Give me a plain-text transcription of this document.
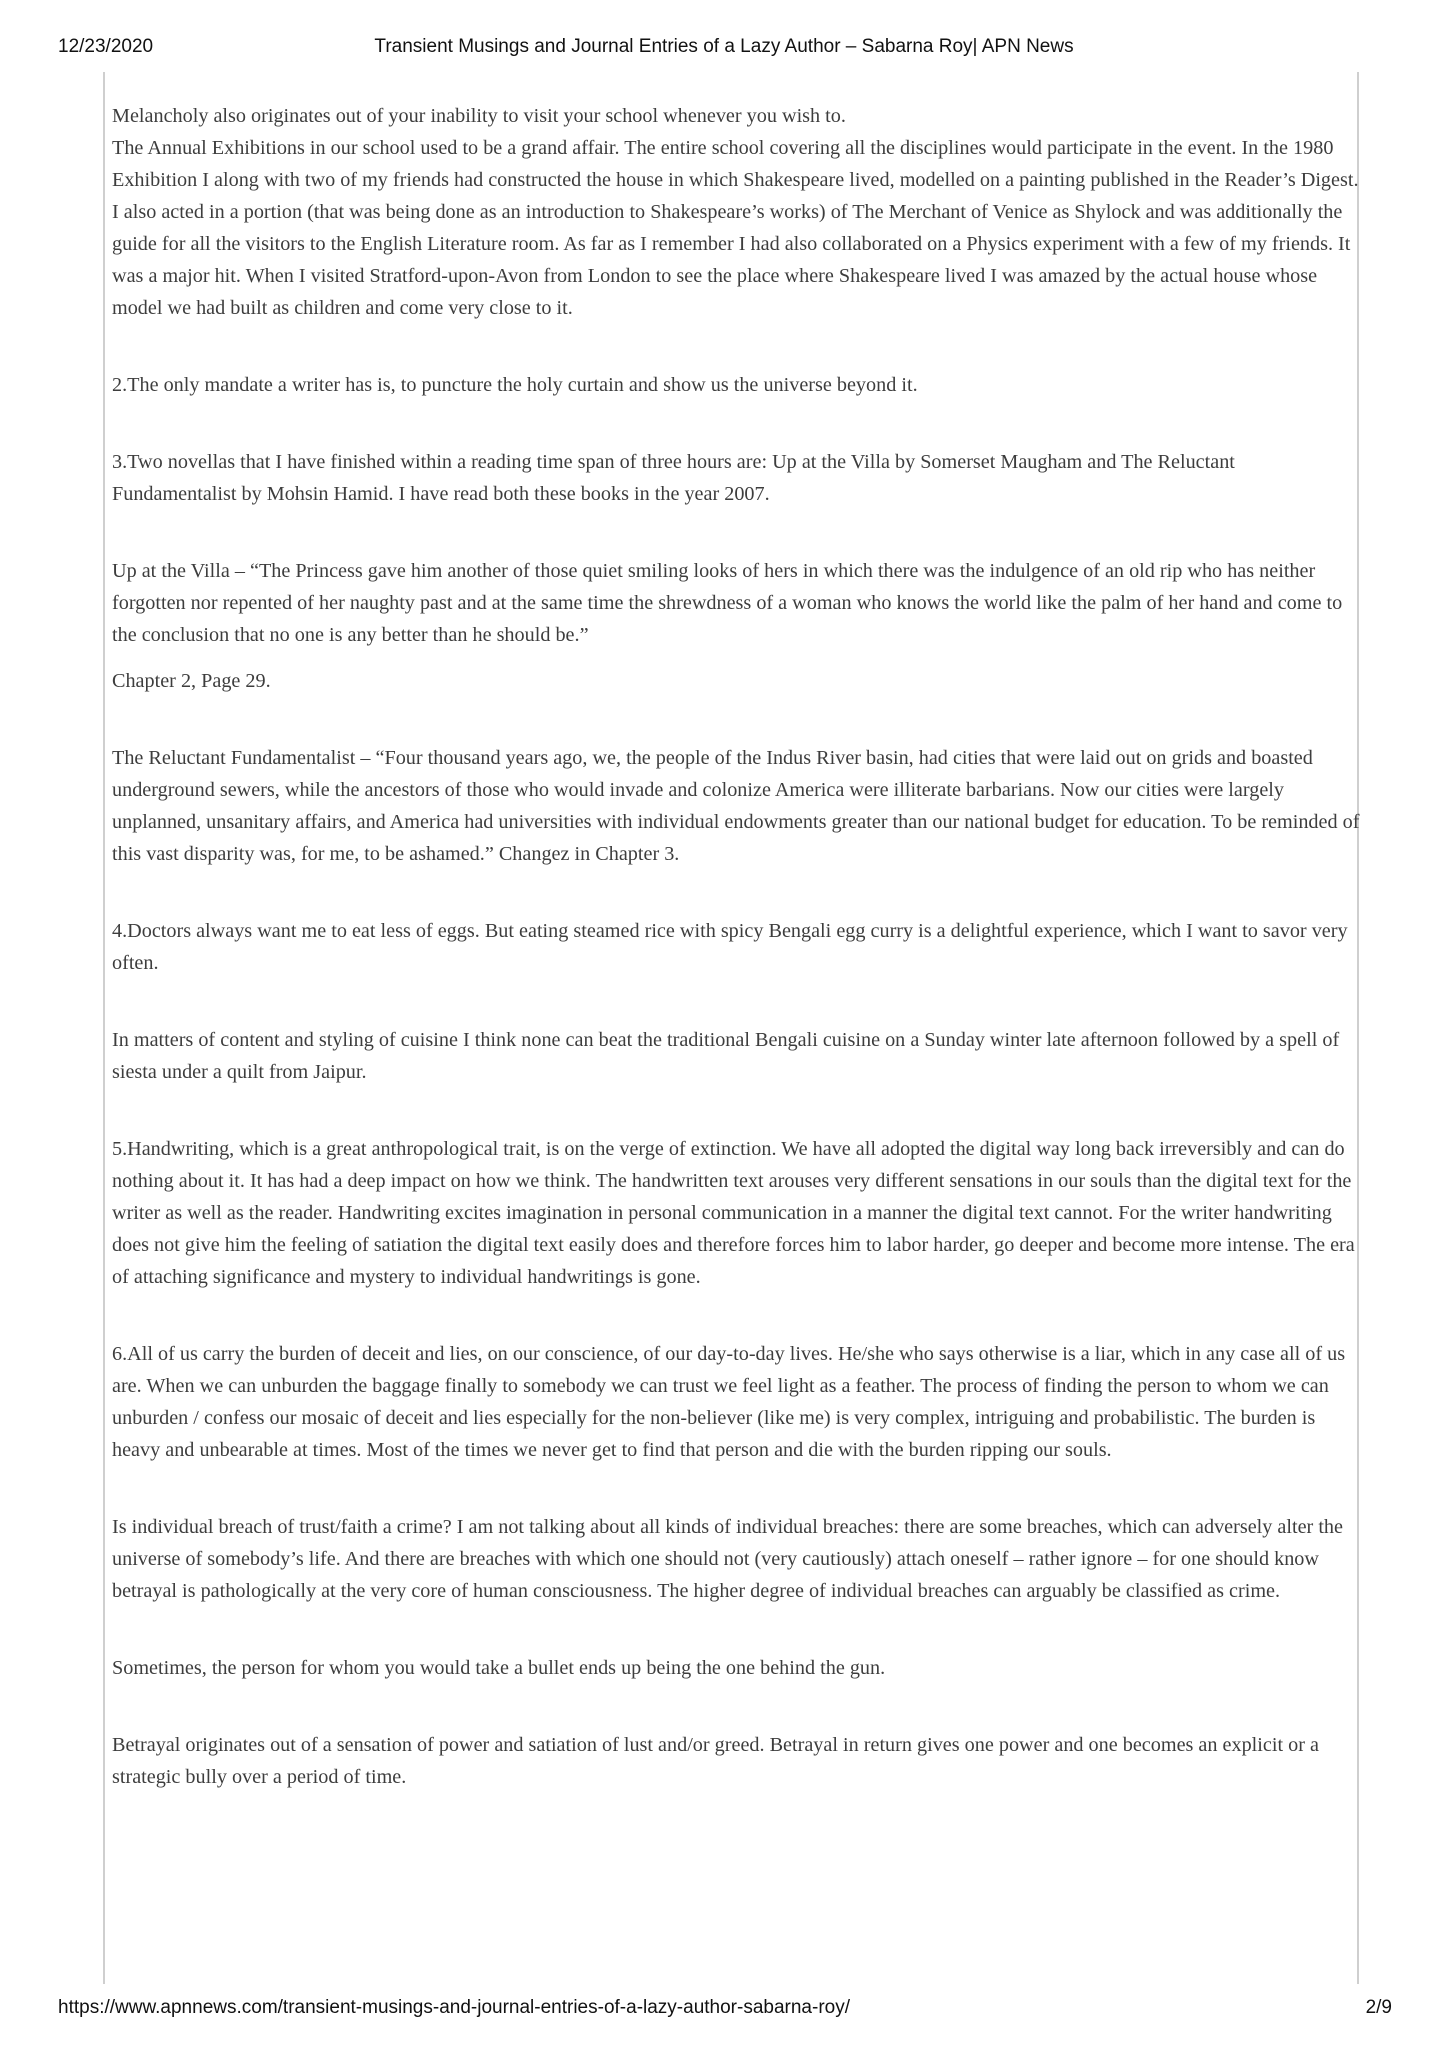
12/23/2020	Transient Musings and Journal Entries of a Lazy Author – Sabarna Roy| APN News

Melancholy also originates out of your inability to visit your school whenever you wish to.

The Annual Exhibitions in our school used to be a grand affair. The entire school covering all the disciplines would participate in the event. In the 1980 Exhibition I along with two of my friends had constructed the house in which Shakespeare lived, modelled on a painting published in the Reader’s Digest. I also acted in a portion (that was being done as an introduction to Shakespeare’s works) of The Merchant of Venice as Shylock and was additionally the guide for all the visitors to the English Literature room. As far as I remember I had also collaborated on a Physics experiment with a few of my friends. It was a major hit. When I visited Stratford-upon-Avon from London to see the place where Shakespeare lived I was amazed by the actual house whose model we had built as children and come very close to it.

2.The only mandate a writer has is, to puncture the holy curtain and show us the universe beyond it.

3.Two novellas that I have finished within a reading time span of three hours are: Up at the Villa by Somerset Maugham and The Reluctant Fundamentalist by Mohsin Hamid. I have read both these books in the year 2007.

Up at the Villa – “The Princess gave him another of those quiet smiling looks of hers in which there was the indulgence of an old rip who has neither forgotten nor repented of her naughty past and at the same time the shrewdness of a woman who knows the world like the palm of her hand and come to the conclusion that no one is any better than he should be.”

Chapter 2, Page 29.

The Reluctant Fundamentalist – “Four thousand years ago, we, the people of the Indus River basin, had cities that were laid out on grids and boasted underground sewers, while the ancestors of those who would invade and colonize America were illiterate barbarians. Now our cities were largely unplanned, unsanitary affairs, and America had universities with individual endowments greater than our national budget for education. To be reminded of this vast disparity was, for me, to be ashamed.” Changez in Chapter 3.

4.Doctors always want me to eat less of eggs. But eating steamed rice with spicy Bengali egg curry is a delightful experience, which I want to savor very often.

In matters of content and styling of cuisine I think none can beat the traditional Bengali cuisine on a Sunday winter late afternoon followed by a spell of siesta under a quilt from Jaipur.

5.Handwriting, which is a great anthropological trait, is on the verge of extinction. We have all adopted the digital way long back irreversibly and can do nothing about it. It has had a deep impact on how we think. The handwritten text arouses very different sensations in our souls than the digital text for the writer as well as the reader. Handwriting excites imagination in personal communication in a manner the digital text cannot. For the writer handwriting does not give him the feeling of satiation the digital text easily does and therefore forces him to labor harder, go deeper and become more intense. The era of attaching significance and mystery to individual handwritings is gone.

6.All of us carry the burden of deceit and lies, on our conscience, of our day-to-day lives. He/she who says otherwise is a liar, which in any case all of us are. When we can unburden the baggage finally to somebody we can trust we feel light as a feather. The process of finding the person to whom we can unburden / confess our mosaic of deceit and lies especially for the non-believer (like me) is very complex, intriguing and probabilistic. The burden is heavy and unbearable at times. Most of the times we never get to find that person and die with the burden ripping our souls.

Is individual breach of trust/faith a crime? I am not talking about all kinds of individual breaches: there are some breaches, which can adversely alter the universe of somebody’s life. And there are breaches with which one should not (very cautiously) attach oneself – rather ignore – for one should know betrayal is pathologically at the very core of human consciousness. The higher degree of individual breaches can arguably be classified as crime.

Sometimes, the person for whom you would take a bullet ends up being the one behind the gun.

Betrayal originates out of a sensation of power and satiation of lust and/or greed. Betrayal in return gives one power and one becomes an explicit or a strategic bully over a period of time.

https://www.apnnews.com/transient-musings-and-journal-entries-of-a-lazy-author-sabarna-roy/	2/9
